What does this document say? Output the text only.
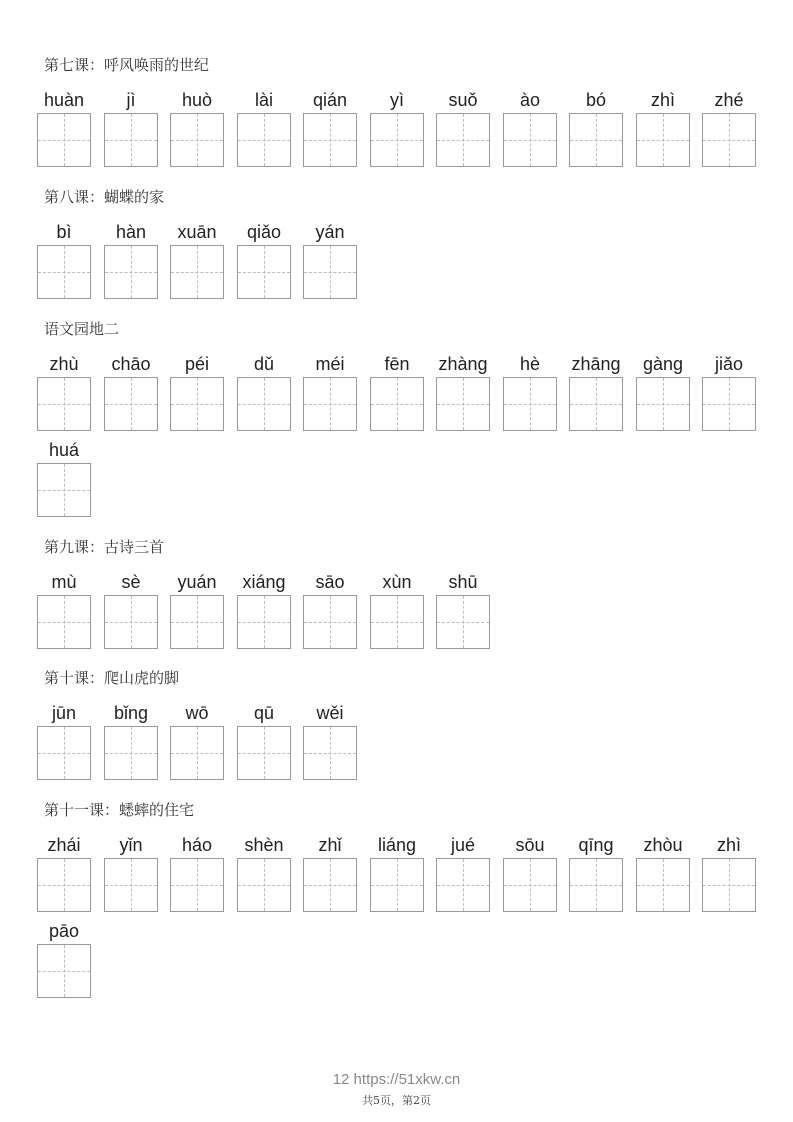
第七课：呼风唤雨的世纪
huàn	jì	huò	lài	qián	yì	suǒ	ào	bó	zhì	zhé
第八课：蝴蝶的家
bì	hàn	xuān	qiǎo	yán
语文园地二
zhù	chāo	péi	dǔ	méi	fēn	zhàng	hè	zhāng	gàng	jiǎo
huá
第九课：古诗三首
mù	sè	yuán	xiáng	sāo	xùn	shū
第十课：爬山虎的脚
jūn	bǐng	wō	qū	wěi
第十一课：蟋蟀的住宅
zhái	yǐn	háo	shèn	zhǐ	liáng	jué	sōu	qīng	zhòu	zhì
pāo
12 https://51xkw.cn
共5页，第2页
